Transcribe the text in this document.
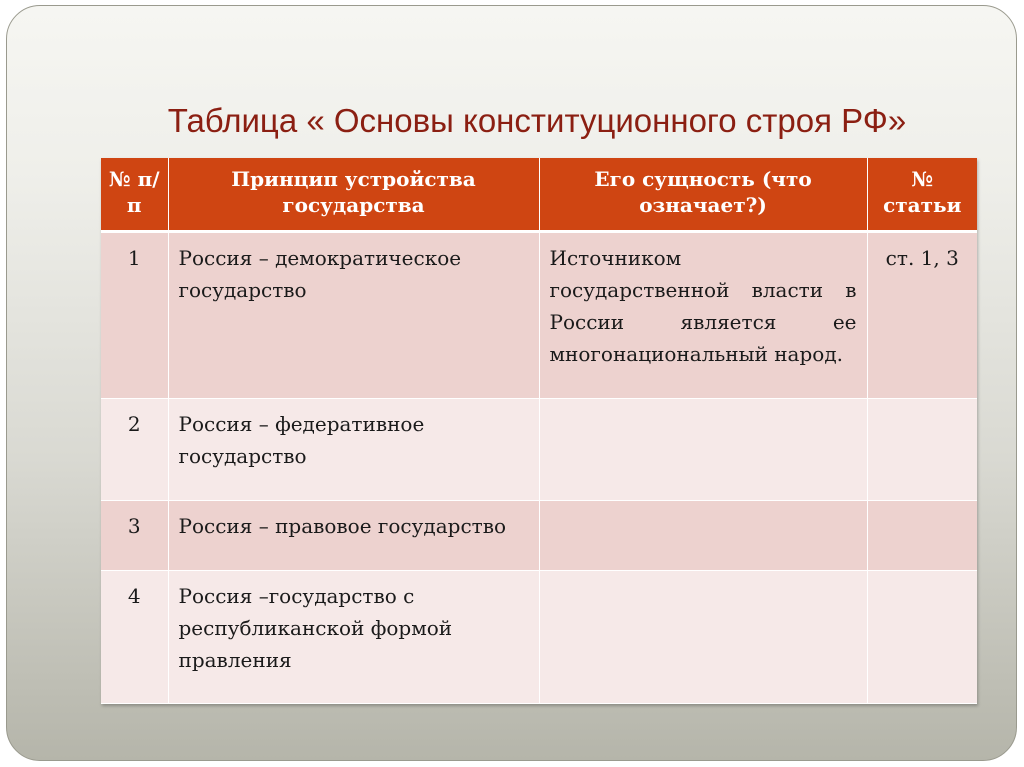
Таблица « Основы конституционного строя РФ»
№ п/п	Принцип устройства государства	Его сущность (что означает?)	№ статьи
1	Россия – демократическое государство	Источником государственной власти в России является ее многонациональный народ.	ст. 1, 3
2	Россия – федеративное государство		
3	Россия – правовое государство		
4	Россия –государство с республиканской формой правления		
